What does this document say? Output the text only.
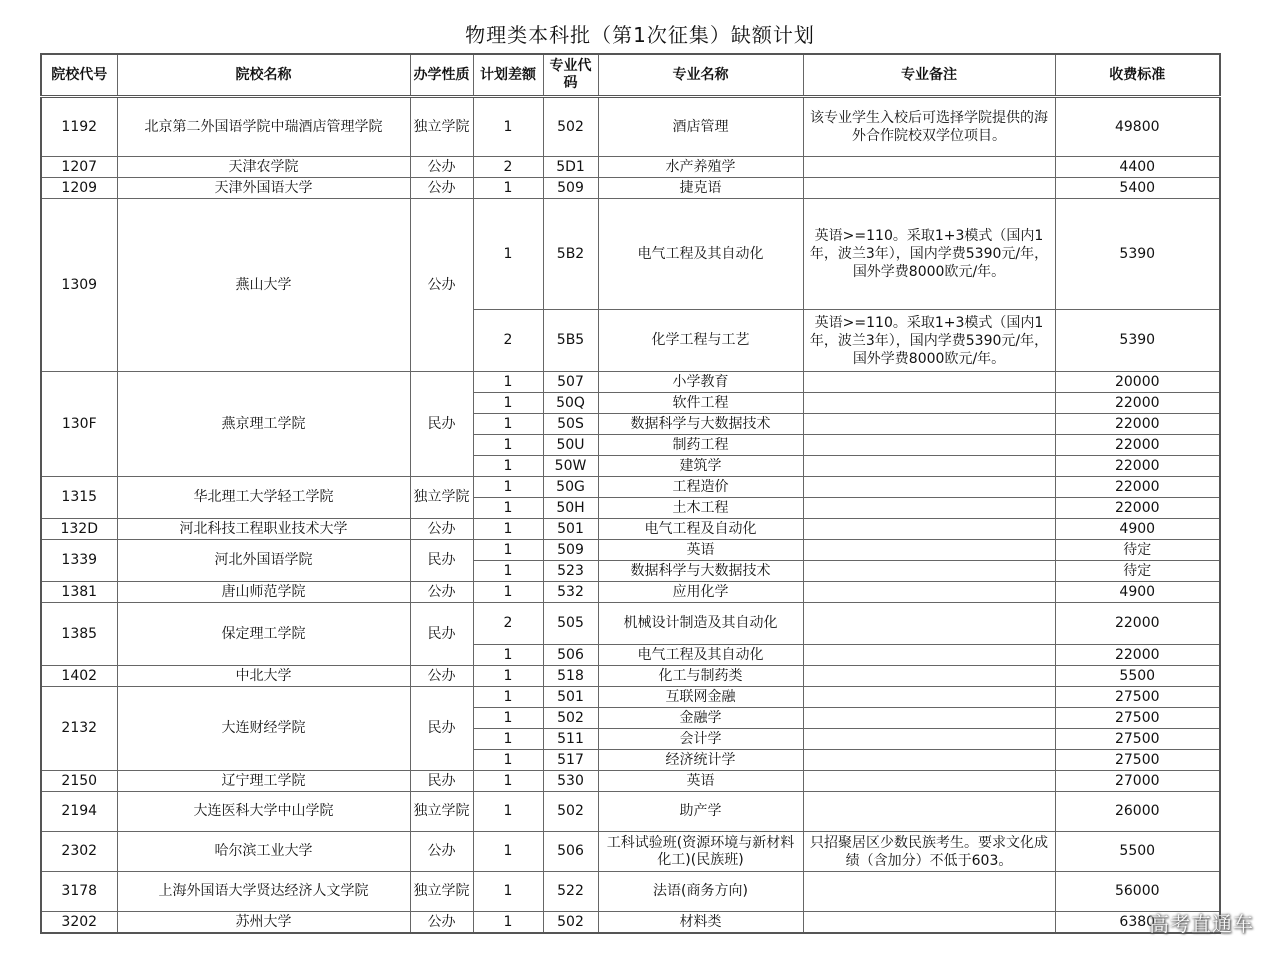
物理类本科批（第1次征集）缺额计划
院校代号	院校名称	办学性质	计划差额	专业代码	专业名称	专业备注	收费标准
1192	北京第二外国语学院中瑞酒店管理学院	独立学院	1	502	酒店管理	该专业学生入校后可选择学院提供的海外合作院校双学位项目。	49800
1207	天津农学院	公办	2	5D1	水产养殖学		4400
1209	天津外国语大学	公办	1	509	捷克语		5400
1309	燕山大学	公办	1	5B2	电气工程及其自动化	英语>=110。采取1+3模式（国内1年，波兰3年），国内学费5390元/年，国外学费8000欧元/年。	5390
			2	5B5	化学工程与工艺	英语>=110。采取1+3模式（国内1年，波兰3年），国内学费5390元/年，国外学费8000欧元/年。	5390
130F	燕京理工学院	民办	1	507	小学教育		20000
			1	50Q	软件工程		22000
			1	50S	数据科学与大数据技术		22000
			1	50U	制药工程		22000
			1	50W	建筑学		22000
1315	华北理工大学轻工学院	独立学院	1	50G	工程造价		22000
			1	50H	土木工程		22000
132D	河北科技工程职业技术大学	公办	1	501	电气工程及自动化		4900
1339	河北外国语学院	民办	1	509	英语		待定
			1	523	数据科学与大数据技术		待定
1381	唐山师范学院	公办	1	532	应用化学		4900
1385	保定理工学院	民办	2	505	机械设计制造及其自动化		22000
			1	506	电气工程及其自动化		22000
1402	中北大学	公办	1	518	化工与制药类		5500
2132	大连财经学院	民办	1	501	互联网金融		27500
			1	502	金融学		27500
			1	511	会计学		27500
			1	517	经济统计学		27500
2150	辽宁理工学院	民办	1	530	英语		27000
2194	大连医科大学中山学院	独立学院	1	502	助产学		26000
2302	哈尔滨工业大学	公办	1	506	工科试验班(资源环境与新材料化工)(民族班)	只招聚居区少数民族考生。要求文化成绩（含加分）不低于603。	5500
3178	上海外国语大学贤达经济人文学院	独立学院	1	522	法语(商务方向)		56000
3202	苏州大学	公办	1	502	材料类		6380
高考直通车
